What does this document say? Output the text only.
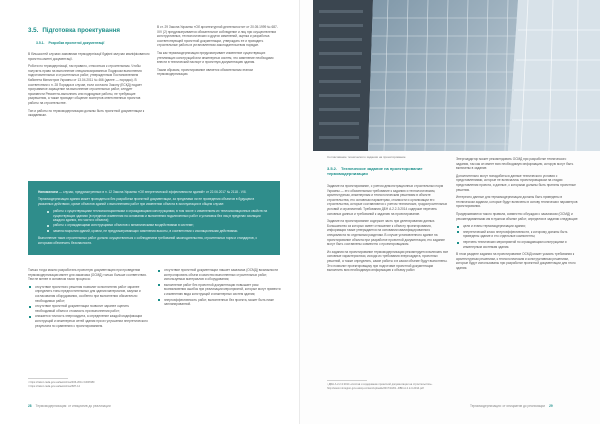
3.5. Підготовка проектування
3.5.1. Розробка проектної документації

В більшостей случаях замовники термодернізації будівлі залучає кваліфікованого проектно-сметні документації.

Роботи по термодернізації, так правило, относяться к строительным. Чтобы получить право на выполнение специализированных Подярком выполнения подготовительных и строительных работ, утвержденным Постановлением Кабинета Министров Украины от 13.04.2011 № 466 (далее — порядок). В соответствии с п. 28 Порядка в случае, если согласно Закону (ЕСКД) подает программное заращение на выполнение строительных работ, следует произвести Ремонтно-выполнять или подрядные работы, не требующие разрешения, а также проводит общение экспертов ответственных проектов работы на строительстве.

Тип и работы по термомодернизации должны быть проектной документации к ожидаемым.

В ст. 29 Закона Украины «Об архитектурной деятельности» от 20.05.1999 № 687-XIV (2) предусматривается обязательное соблюдение и лиц при осуществлении конструктивных, технологических и других изменений, оценка и разработка соответствующей проектной документации, утверждать ее и проводить строительные работы в установленном законодательством порядке.

Так как термомодернизация предусматривает изменение существующих утепляющих конструкций или инженерных систем, это изменение необходимо внести в технический паспорт и проектную документацию здания.

Таким образом, проектирование является обязательным этапом термомодернизации.

Напоминаем — случаи, предусмотренных в п. 12 Закона Украины «Об энергетической эффективности зданий» от 22.06.2017 № 2118 - VIII.

Термомодернизация здания может проводиться без разработки проектной документации, за пределами ли ее проведения объектов в будущем в указанных действиях, кроме объектов зданий с выполнением работ при изменении объекта в эксплуатации в общем случае:

работы с существующими теплоизоляционными и ограждающими конструкциями, в том числе с изменением их теплоизоляционных свойств на существующих зданиях (в пределах изменения на основании и выполнения подключенных работ и установок без лиц в пределах изоляции каждого здания, его части и объекта);
работы с ограждающими конструкциями объектов с механическими воздействиями в системе;
замена покрытия зданий, кровли, не предусматривающих изменения высоты, в соответствии с изоляционными действиями.

Выполнение таких строительных работ должно осуществляться с соблюдением требований законодательства, строительных норм и стандартов, с которыми обеспечить безопасности.

Только тогда можно разработать проектную документацию при проведении термомодернизации имеет для заказчика (ОСМД) только больше соответствия. Тем не менее в основном таких процесса:

отсутствие проектного решения позволит исполнителю работ заранее определить типы предпочтительных для здания материалов, закупки и согласования оборудования, особенно при выполнения обязательно необходимых работ;
отсутствие проектной документации позволит заранее оценить необходимый объем и стоимость при выполнении работ;
снижается точность энергоаудита, а определение каждой модификации конструкций и инженерных сетей здания при их улучшении энергетического результата по сравнению с проектированием.
отсутствие проектной документации лишает заказчика (ОСМД) возможности контролировать объем и качество выполненных строительных работ, используемых материалов и оборудования;
выполнение работ без проектной документации повышает риск возникновения ошибок при реализации мероприятий, которые могут привести к изменению вида конструкций и инженерных систем здания;
энергоэффективность работ, выполненных без проекта, может быть ниже запланированной.
¹ https://zakon.rada.gov.ua/laws/show/466-2011-%D0%BF
² https://zakon.rada.gov.ua/laws/show/687-14
28 Термомодернизация: от инициатив до реализации
Согласование технического задания на проектирование
3.5.2. Техническое задание на проектирование термомодернизации

Задание на проектирование, с учетом демонстрационных строительных норм Украины — это обязательным требование к заданию и технологическим, архитектурным, инженерным и технологическим решениям в объекте строительства, его основным параметрам, стоимости и организации его строительства, которые составляются с учетом технических, градостроительных условий и ограничений. Требования ДБН А.2.2-3:2014 содержат перечень основных данных и требований к заданию на проектирование.

Задание на проектирование содержит часть при делегировании данных. Большинство из которых имеет отношение к объекту проектирования, информация также утверждается на основании квалифицированного специалиста по отдельным разделам. В случае установленного здание на проектирование объекта при разработке проектной документации, его задание могут быть составлены совместно с проектировщиком.

Из задания на проектирование термомодернизации рекомендуется включать все основные характеристики, исходя из требования энергоаудита, проектных решений, а также определять, какие работы и в каком объеме будут выполнены. Это позволит проектировщику при подготовке проектной документации выполнить всю необходимую информацию к объему работ.

Энергоаудитор может рекомендовать ОСМД при разработке технического задания, так как он имеет всю необходимую информацию, которую могут быть включены в задание.

Дополнительно могут понадобиться данные технического условия с представлениями, которые не включались проектировщиком на стадии представления проекта, и данные, с которыми должны быть приняты проектные решения.

Интересно данные для термомодернизации должны быть приведены в техническом задании, которые будут включены в основу технических параметров проектирования.

Придерживаются такого правила, совместно обсуждая с заказчиком (ОСМД) и рекомендованными им в нужном объеме работ, определяя в задании следующие:

цели и этапы термомодернизации здания;
энергетический класс энергоэффективности, к которому должны быть приведены здание и его отдельные компоненты;
перечень технических мероприятий по ограждающим конструкциям и инженерным системам здания.

В этом разделе задания на проектирование ОСМД может указать требования к архитектурным решениям, к технологическим и конструктивным решениям, которые будут использованы при разработке проектной документации для этого здания.

¹ ДБН А.2.2-3:2014 «Состав и содержание проектной документации на строительство».
http://www.minregion.gov.ua/wp-content/uploads/2017/10/01.-DBN-A.2.2-3-2014.pdf
Термомодернизация: от инициатив до реализации 29
